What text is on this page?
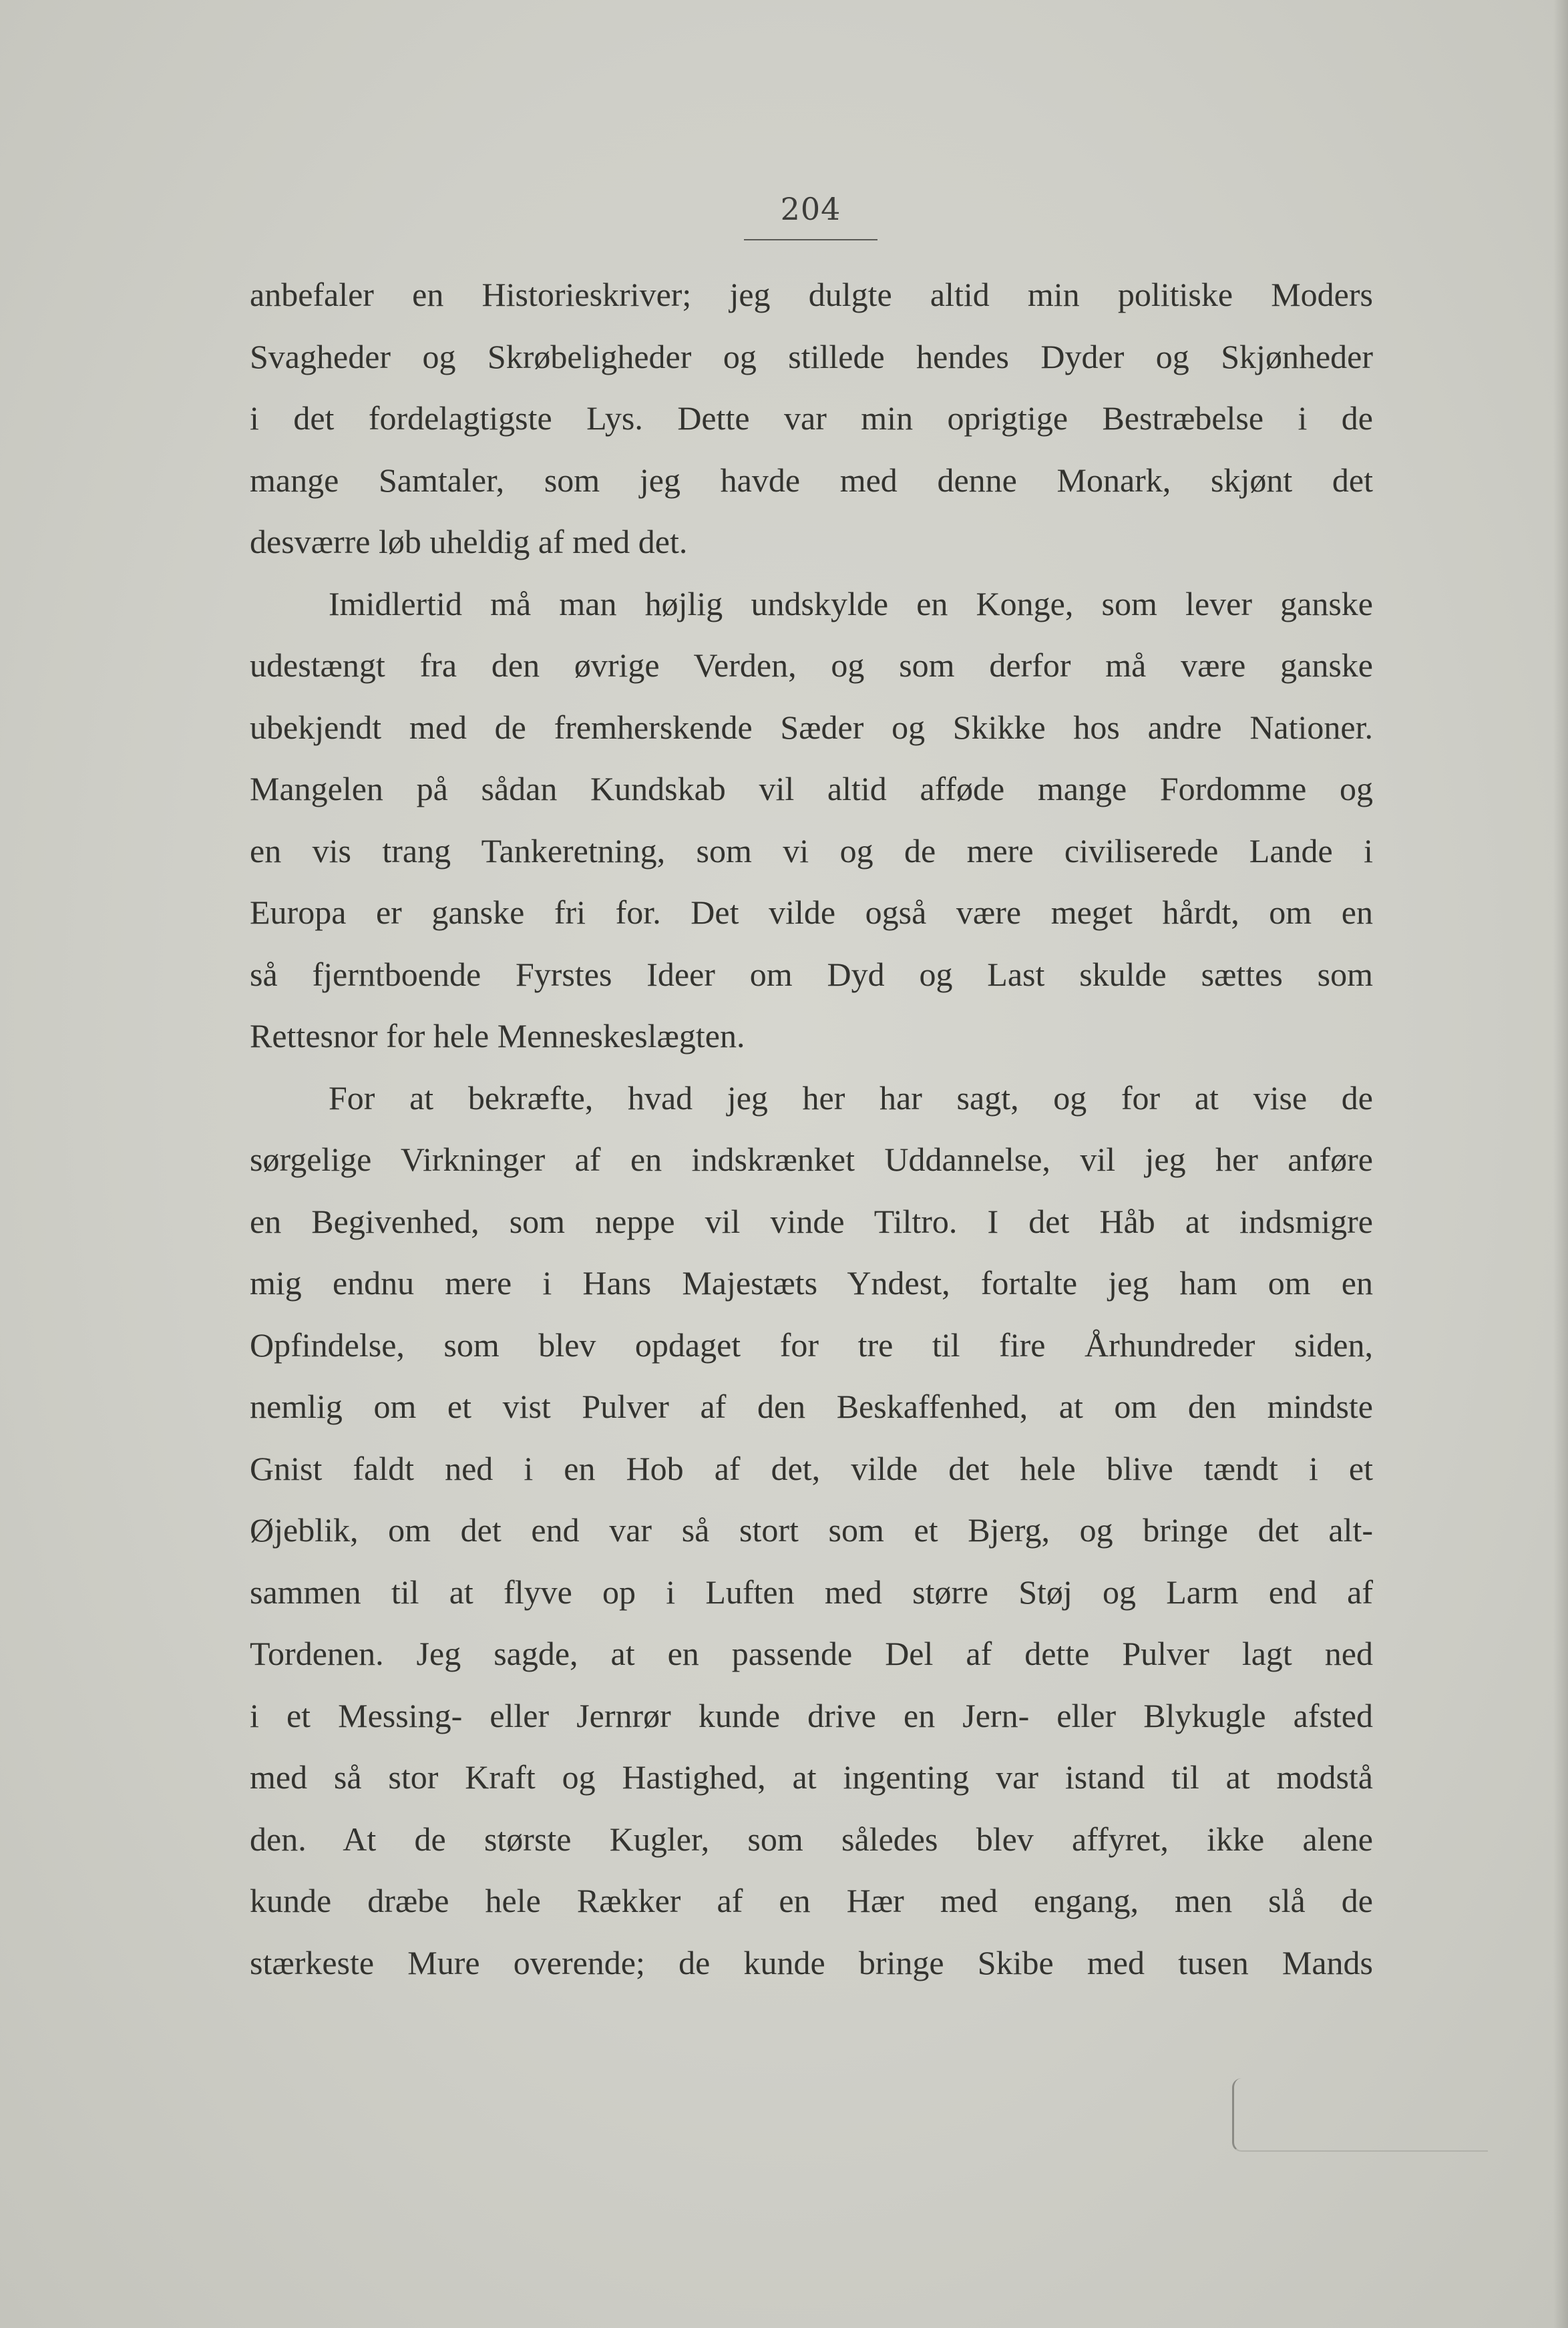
204
anbefaler en Historieskriver; jeg dulgte altid min politiske Moders
Svagheder og Skrøbeligheder og stillede hendes Dyder og Skjønheder
i det fordelagtigste Lys. Dette var min oprigtige Bestræbelse i de
mange Samtaler, som jeg havde med denne Monark, skjønt det
desværre løb uheldig af med det.
Imidlertid må man højlig undskylde en Konge, som lever ganske
udestængt fra den øvrige Verden, og som derfor må være ganske
ubekjendt med de fremherskende Sæder og Skikke hos andre Nationer.
Mangelen på sådan Kundskab vil altid afføde mange Fordomme og
en vis trang Tankeretning, som vi og de mere civiliserede Lande i
Europa er ganske fri for. Det vilde også være meget hårdt, om en
så fjerntboende Fyrstes Ideer om Dyd og Last skulde sættes som
Rettesnor for hele Menneskeslægten.
For at bekræfte, hvad jeg her har sagt, og for at vise de
sørgelige Virkninger af en indskrænket Uddannelse, vil jeg her anføre
en Begivenhed, som neppe vil vinde Tiltro. I det Håb at indsmigre
mig endnu mere i Hans Majestæts Yndest, fortalte jeg ham om en
Opfindelse, som blev opdaget for tre til fire Århundreder siden,
nemlig om et vist Pulver af den Beskaffenhed, at om den mindste
Gnist faldt ned i en Hob af det, vilde det hele blive tændt i et
Øjeblik, om det end var så stort som et Bjerg, og bringe det alt-
sammen til at flyve op i Luften med større Støj og Larm end af
Tordenen. Jeg sagde, at en passende Del af dette Pulver lagt ned
i et Messing- eller Jernrør kunde drive en Jern- eller Blykugle afsted
med så stor Kraft og Hastighed, at ingenting var istand til at modstå
den. At de største Kugler, som således blev affyret, ikke alene
kunde dræbe hele Rækker af en Hær med engang, men slå de
stærkeste Mure overende; de kunde bringe Skibe med tusen Mands
